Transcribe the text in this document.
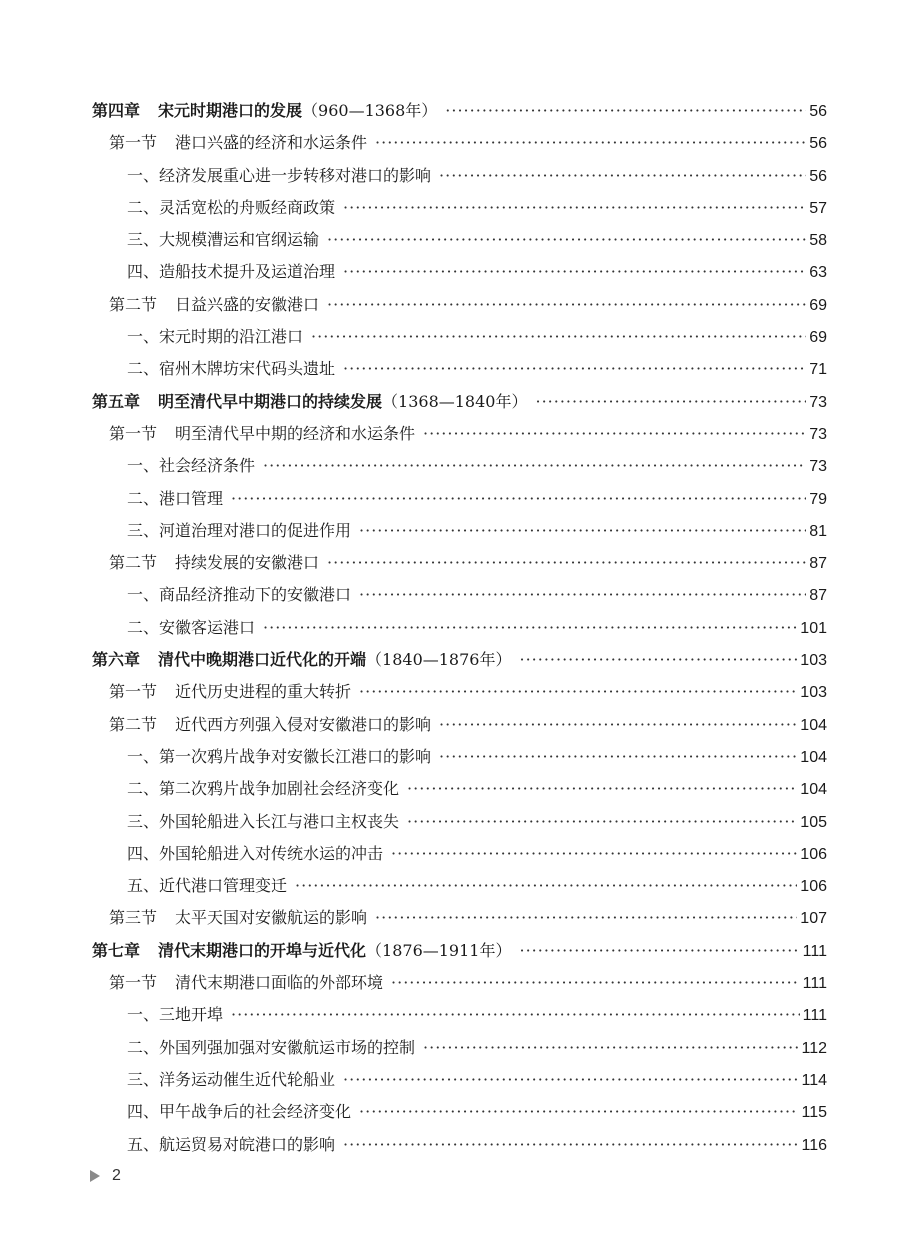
第四章 宋元时期港口的发展（960—1368年） ·····	56
第一节 港口兴盛的经济和水运条件 ·····	56
一、经济发展重心进一步转移对港口的影响 ·····	56
二、灵活宽松的舟贩经商政策 ·····	57
三、大规模漕运和官纲运输 ·····	58
四、造船技术提升及运道治理 ·····	63
第二节 日益兴盛的安徽港口 ·····	69
一、宋元时期的沿江港口 ·····	69
二、宿州木牌坊宋代码头遗址 ·····	71
第五章 明至清代早中期港口的持续发展（1368—1840年） ·····	73
第一节 明至清代早中期的经济和水运条件 ·····	73
一、社会经济条件 ·····	73
二、港口管理 ·····	79
三、河道治理对港口的促进作用 ·····	81
第二节 持续发展的安徽港口 ·····	87
一、商品经济推动下的安徽港口 ·····	87
二、安徽客运港口 ·····	101
第六章 清代中晚期港口近代化的开端（1840—1876年） ·····	103
第一节 近代历史进程的重大转折 ·····	103
第二节 近代西方列强入侵对安徽港口的影响 ·····	104
一、第一次鸦片战争对安徽长江港口的影响 ·····	104
二、第二次鸦片战争加剧社会经济变化 ·····	104
三、外国轮船进入长江与港口主权丧失 ·····	105
四、外国轮船进入对传统水运的冲击 ·····	106
五、近代港口管理变迁 ·····	106
第三节 太平天国对安徽航运的影响 ·····	107
第七章 清代末期港口的开埠与近代化（1876—1911年） ·····	111
第一节 清代末期港口面临的外部环境 ·····	111
一、三地开埠 ·····	111
二、外国列强加强对安徽航运市场的控制 ·····	112
三、洋务运动催生近代轮船业 ·····	114
四、甲午战争后的社会经济变化 ·····	115
五、航运贸易对皖港口的影响 ·····	116
2
